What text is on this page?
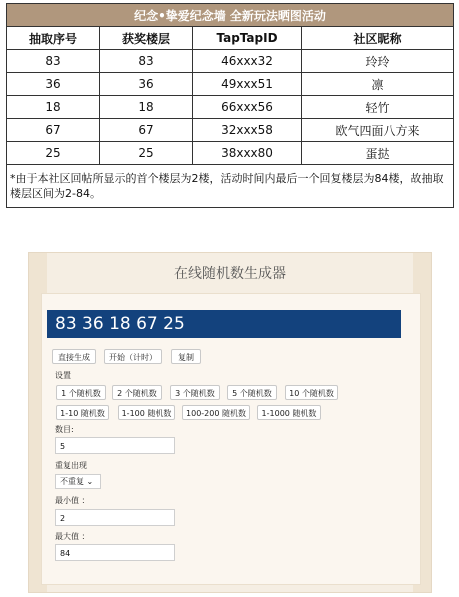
纪念•挚爱纪念墙 全新玩法晒图活动			
抽取序号	获奖楼层	TapTapID	社区昵称
83	83	46xxx32	玲玲
36	36	49xxx51	凛
18	18	66xxx56	轻竹
67	67	32xxx58	欧气四面八方来
25	25	38xxx80	蛋挞
*由于本社区回帖所显示的首个楼层为2楼，活动时间内最后一个回复楼层为84楼，故抽取楼层区间为2-84。			
在线随机数生成器
83 36 18 67 25
直接生成	开始（计时）	复制
设置
1 个随机数	2 个随机数	3 个随机数	5 个随机数	10 个随机数
1-10 随机数	1-100 随机数	100-200 随机数	1-1000 随机数
数目:
5
重复出现
不重复 ⌄
最小值 ：
2
最大值 ：
84
